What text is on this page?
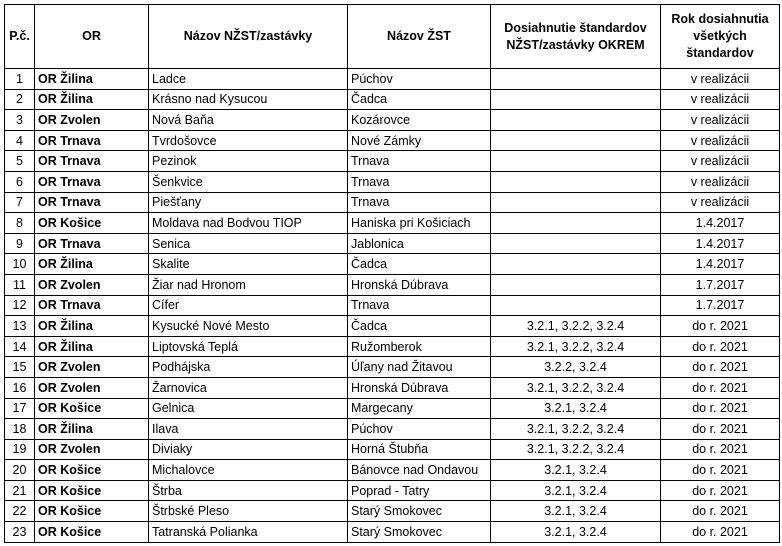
P.č.	OR	Názov NŽST/zastávky	Názov ŽST	Dosiahnutie štandardov NŽST/zastávky OKREM	Rok dosiahnutia všetkých štandardov
1	OR Žilina	Ladce	Púchov		v realizácii
2	OR Žilina	Krásno nad Kysucou	Čadca		v realizácii
3	OR Zvolen	Nová Baňa	Kozárovce		v realizácii
4	OR Trnava	Tvrdošovce	Nové Zámky		v realizácii
5	OR Trnava	Pezinok	Trnava		v realizácii
6	OR Trnava	Šenkvice	Trnava		v realizácii
7	OR Trnava	Piešťany	Trnava		v realizácii
8	OR Košice	Moldava nad Bodvou TIOP	Haniska pri Košiciach		1.4.2017
9	OR Trnava	Senica	Jablonica		1.4.2017
10	OR Žilina	Skalite	Čadca		1.4.2017
11	OR Zvolen	Žiar nad Hronom	Hronská Dúbrava		1.7.2017
12	OR Trnava	Cífer	Trnava		1.7.2017
13	OR Žilina	Kysucké Nové Mesto	Čadca	3.2.1, 3.2.2, 3.2.4	do r. 2021
14	OR Žilina	Liptovská Teplá	Ružomberok	3.2.1, 3.2.2, 3.2.4	do r. 2021
15	OR Zvolen	Podhájska	Úľany nad Žitavou	3.2.2, 3.2.4	do r. 2021
16	OR Zvolen	Žarnovica	Hronská Dúbrava	3.2.1, 3.2.2, 3.2.4	do r. 2021
17	OR Košice	Gelnica	Margecany	3.2.1, 3.2.4	do r. 2021
18	OR Žilina	Ilava	Púchov	3.2.1, 3.2.2, 3.2.4	do r. 2021
19	OR Zvolen	Diviaky	Horná Štubňa	3.2.1, 3.2.2, 3.2.4	do r. 2021
20	OR Košice	Michalovce	Bánovce nad Ondavou	3.2.1, 3.2.4	do r. 2021
21	OR Košice	Štrba	Poprad - Tatry	3.2.1, 3.2.4	do r. 2021
22	OR Košice	Štrbské Pleso	Starý Smokovec	3.2.1, 3.2.4	do r. 2021
23	OR Košice	Tatranská Polianka	Starý Smokovec	3.2.1, 3.2.4	do r. 2021
